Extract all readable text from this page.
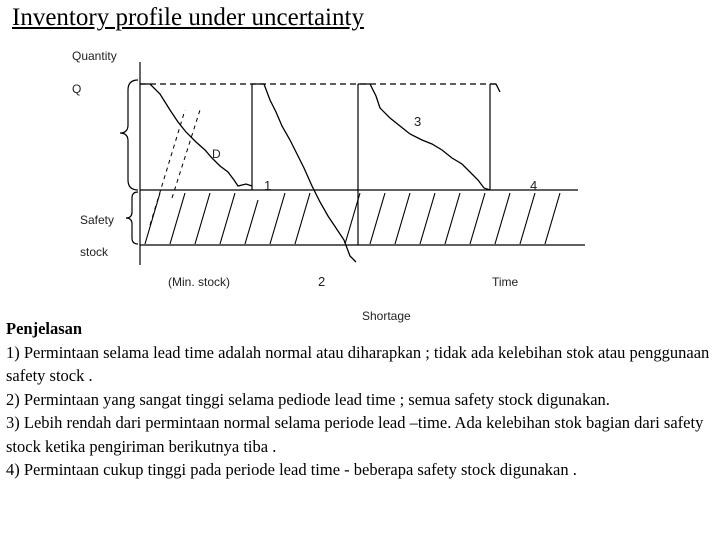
Inventory profile under uncertainty
Quantity
Q
D
Safety
stock
(Min. stock)	Time
Shortage
1
2
3
4

Penjelasan

1) Permintaan selama lead time adalah normal atau diharapkan ; tidak ada kelebihan stok atau penggunaan safety stock .

2) Permintaan yang sangat tinggi selama pediode lead time ; semua safety stock digunakan.

3) Lebih rendah dari permintaan normal selama periode lead –time. Ada kelebihan stok bagian dari safety stock ketika pengiriman berikutnya tiba .

4) Permintaan cukup tinggi pada periode lead time - beberapa safety stock digunakan .
